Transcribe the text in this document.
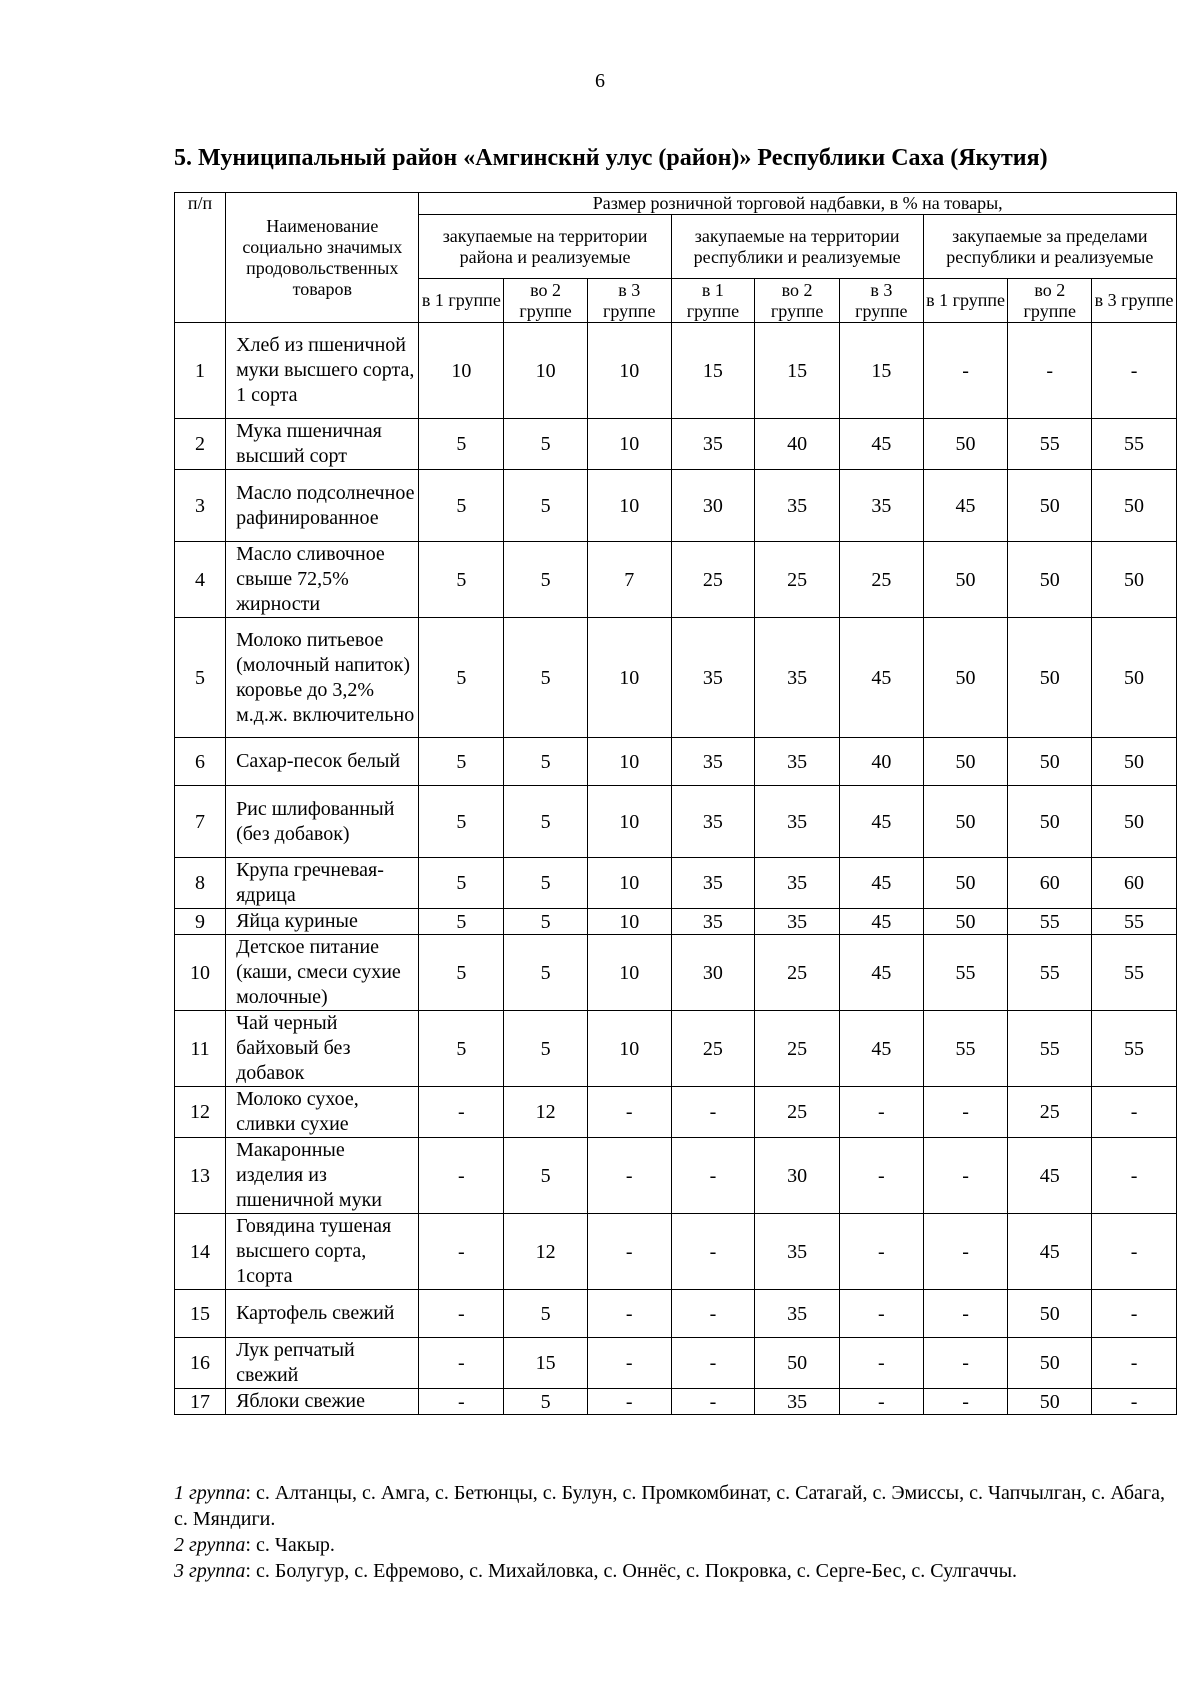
6
5. Муниципальный район «Амгинскнй улус (район)» Республики Саха (Якутия)
п/п	Наименование социально значимых продовольственных товаров	Размер розничной торговой надбавки, в % на товары,								
		закупаемые на территории района и реализуемые			закупаемые на территории республики и реализуемые			закупаемые за пределами республики и реализуемые		
		в 1 группе	во 2 группе	в 3 группе	в 1 группе	во 2 группе	в 3 группе	в 1 группе	во 2 группе	в 3 группе
1	Хлеб из пшеничной муки высшего сорта, 1 сорта	10	10	10	15	15	15	-	-	-
2	Мука пшеничная высший сорт	5	5	10	35	40	45	50	55	55
3	Масло подсолнечное рафинированное	5	5	10	30	35	35	45	50	50
4	Масло сливочное свыше 72,5% жирности	5	5	7	25	25	25	50	50	50
5	Молоко питьевое (молочный напиток) коровье до 3,2% м.д.ж. включительно	5	5	10	35	35	45	50	50	50
6	Сахар-песок белый	5	5	10	35	35	40	50	50	50
7	Рис шлифованный (без добавок)	5	5	10	35	35	45	50	50	50
8	Крупа гречневая-ядрица	5	5	10	35	35	45	50	60	60
9	Яйца куриные	5	5	10	35	35	45	50	55	55
10	Детское питание (каши, смеси сухие молочные)	5	5	10	30	25	45	55	55	55
11	Чай черный байховый без добавок	5	5	10	25	25	45	55	55	55
12	Молоко сухое, сливки сухие	-	12	-	-	25	-	-	25	-
13	Макаронные изделия из пшеничной муки	-	5	-	-	30	-	-	45	-
14	Говядина тушеная высшего сорта, 1сорта	-	12	-	-	35	-	-	45	-
15	Картофель свежий	-	5	-	-	35	-	-	50	-
16	Лук репчатый свежий	-	15	-	-	50	-	-	50	-
17	Яблоки свежие	-	5	-	-	35	-	-	50	-

1 группа: с. Алтанцы, с. Амга, с. Бетюнцы, с. Булун, с. Промкомбинат, с. Сатагай, с. Эмиссы, с. Чапчылган, с. Абага, с. Мяндиги.

2 группа: с. Чакыр.

3 группа: с. Болугур, с. Ефремово, с. Михайловка, с. Оннёс, с. Покровка, с. Серге-Бес, с. Сулгаччы.
